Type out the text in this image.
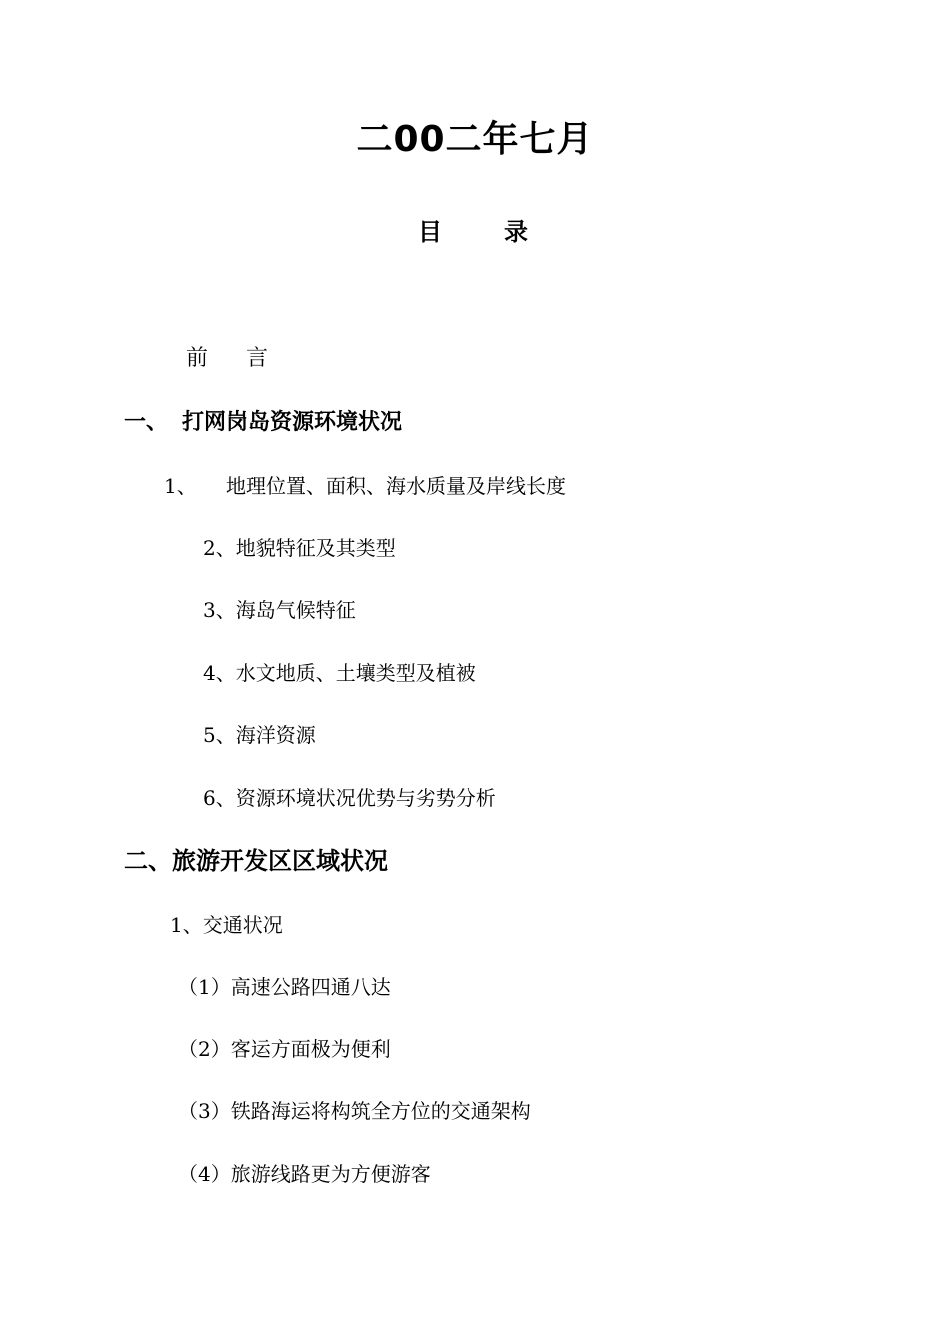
二00二年七月
目	录
前 言
一、 打网岗岛资源环境状况
1、 地理位置、面积、海水质量及岸线长度
2、地貌特征及其类型
3、海岛气候特征
4、水文地质、土壤类型及植被
5、海洋资源
6、资源环境状况优势与劣势分析
二、旅游开发区区域状况
1、交通状况
（1）高速公路四通八达
（2）客运方面极为便利
（3）铁路海运将构筑全方位的交通架构
（4）旅游线路更为方便游客
